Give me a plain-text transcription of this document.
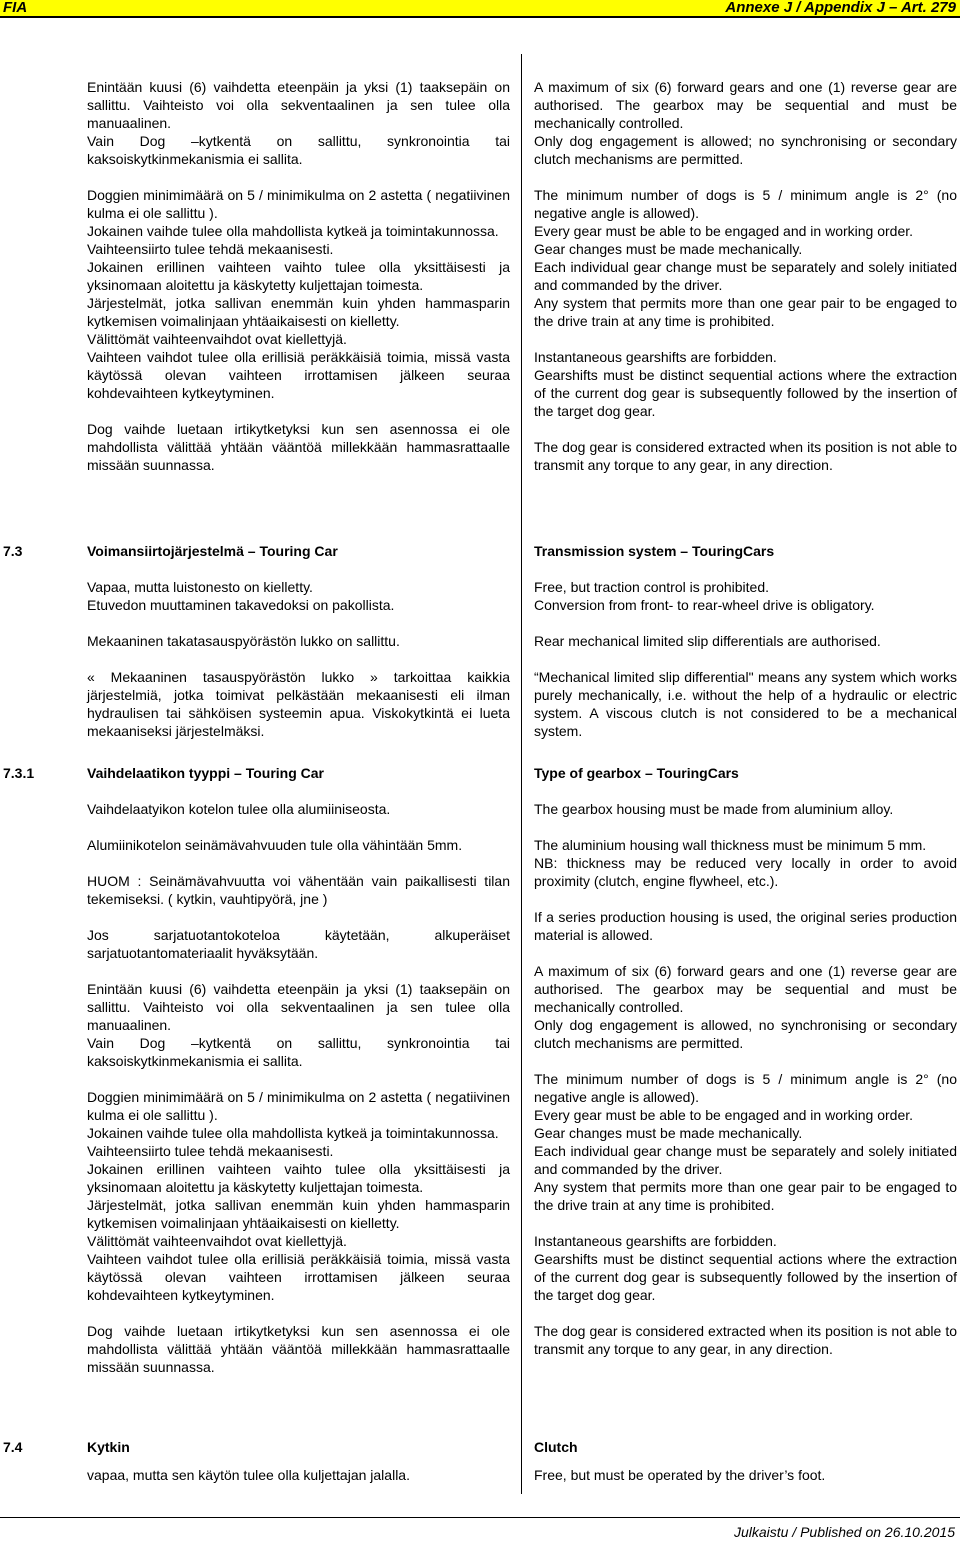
FIA	Annexe J / Appendix J – Art. 279

Enintään kuusi (6) vaihdetta eteenpäin ja yksi (1) taaksepäin on sallittu. Vaihteisto voi olla sekventaalinen ja sen tulee olla manuaalinen.

Vain Dog –kytkentä on sallittu, synkronointia tai kaksoiskytkinmekanismia ei sallita.

Doggien minimimäärä on 5 / minimikulma on 2 astetta ( negatiivinen kulma ei ole sallittu ).

Jokainen vaihde tulee olla mahdollista kytkeä ja toimintakunnossa.

Vaihteensiirto tulee tehdä mekaanisesti.

Jokainen erillinen vaihteen vaihto tulee olla yksittäisesti ja yksinomaan aloitettu ja käskytetty kuljettajan toimesta.

Järjestelmät, jotka sallivan enemmän kuin yhden hammasparin kytkemisen voimalinjaan yhtäaikaisesti on kielletty.

Välittömät vaihteenvaihdot ovat kiellettyjä.

Vaihteen vaihdot tulee olla erillisiä peräkkäisiä toimia, missä vasta käytössä olevan vaihteen irrottamisen jälkeen seuraa kohdevaihteen kytkeytyminen.

Dog vaihde luetaan irtikytketyksi kun sen asennossa ei ole mahdollista välittää yhtään vääntöä millekkään hammasrattaalle missään suunnassa.

A maximum of six (6) forward gears and one (1) reverse gear are authorised. The gearbox may be sequential and must be mechanically controlled.

Only dog engagement is allowed; no synchronising or secondary clutch mechanisms are permitted.

The minimum number of dogs is 5 / minimum angle is 2° (no negative angle is allowed).

Every gear must be able to be engaged and in working order.

Gear changes must be made mechanically.

Each individual gear change must be separately and solely initiated and commanded by the driver.

Any system that permits more than one gear pair to be engaged to the drive train at any time is prohibited.

Instantaneous gearshifts are forbidden.

Gearshifts must be distinct sequential actions where the extraction of the current dog gear is subsequently followed by the insertion of the target dog gear.

The dog gear is considered extracted when its position is not able to transmit any torque to any gear, in any direction.

7.3	Voimansiirtojärjestelmä – Touring Car

Vapaa, mutta luistonesto on kielletty.

Etuvedon muuttaminen takavedoksi on pakollista.

Mekaaninen takatasauspyörästön lukko on sallittu.

« Mekaaninen tasauspyörästön lukko » tarkoittaa kaikkia järjestelmiä, jotka toimivat pelkästään mekaanisesti eli ilman hydraulisen tai sähköisen systeemin apua. Viskokytkintä ei lueta mekaaniseksi järjestelmäksi.

Transmission system – TouringCars

Free, but traction control is prohibited.

Conversion from front- to rear-wheel drive is obligatory.

Rear mechanical limited slip differentials are authorised.

“Mechanical limited slip differential" means any system which works purely mechanically, i.e. without the help of a hydraulic or electric system. A viscous clutch is not considered to be a mechanical system.

7.3.1	Vaihdelaatikon tyyppi – Touring Car

Vaihdelaatyikon kotelon tulee olla alumiiniseosta.

Alumiinikotelon seinämävahvuuden tule olla vähintään 5mm.

HUOM : Seinämävahvuutta voi vähentään vain paikallisesti tilan tekemiseksi. ( kytkin, vauhtipyörä, jne )

Jos sarjatuotantokoteloa käytetään, alkuperäiset sarjatuotantomateriaalit hyväksytään.

Enintään kuusi (6) vaihdetta eteenpäin ja yksi (1) taaksepäin on sallittu. Vaihteisto voi olla sekventaalinen ja sen tulee olla manuaalinen.

Vain Dog –kytkentä on sallittu, synkronointia tai kaksoiskytkinmekanismia ei sallita.

Doggien minimimäärä on 5 / minimikulma on 2 astetta ( negatiivinen kulma ei ole sallittu ).

Jokainen vaihde tulee olla mahdollista kytkeä ja toimintakunnossa.

Vaihteensiirto tulee tehdä mekaanisesti.

Jokainen erillinen vaihteen vaihto tulee olla yksittäisesti ja yksinomaan aloitettu ja käskytetty kuljettajan toimesta.

Järjestelmät, jotka sallivan enemmän kuin yhden hammasparin kytkemisen voimalinjaan yhtäaikaisesti on kielletty.

Välittömät vaihteenvaihdot ovat kiellettyjä.

Vaihteen vaihdot tulee olla erillisiä peräkkäisiä toimia, missä vasta käytössä olevan vaihteen irrottamisen jälkeen seuraa kohdevaihteen kytkeytyminen.

Dog vaihde luetaan irtikytketyksi kun sen asennossa ei ole mahdollista välittää yhtään vääntöä millekkään hammasrattaalle missään suunnassa.

Type of gearbox – TouringCars

The gearbox housing must be made from aluminium alloy.

The aluminium housing wall thickness must be minimum 5 mm.

NB: thickness may be reduced very locally in order to avoid proximity (clutch, engine flywheel, etc.).

If a series production housing is used, the original series production material is allowed.

A maximum of six (6) forward gears and one (1) reverse gear are authorised. The gearbox may be sequential and must be mechanically controlled.

Only dog engagement is allowed, no synchronising or secondary clutch mechanisms are permitted.

The minimum number of dogs is 5 / minimum angle is 2° (no negative angle is allowed).

Every gear must be able to be engaged and in working order.

Gear changes must be made mechanically.

Each individual gear change must be separately and solely initiated and commanded by the driver.

Any system that permits more than one gear pair to be engaged to the drive train at any time is prohibited.

Instantaneous gearshifts are forbidden.

Gearshifts must be distinct sequential actions where the extraction of the current dog gear is subsequently followed by the insertion of the target dog gear.

The dog gear is considered extracted when its position is not able to transmit any torque to any gear, in any direction.

7.4	Kytkin

vapaa, mutta sen käytön tulee olla kuljettajan jalalla.

Clutch

Free, but must be operated by the driver’s foot.

Julkaistu / Published on 26.10.2015
